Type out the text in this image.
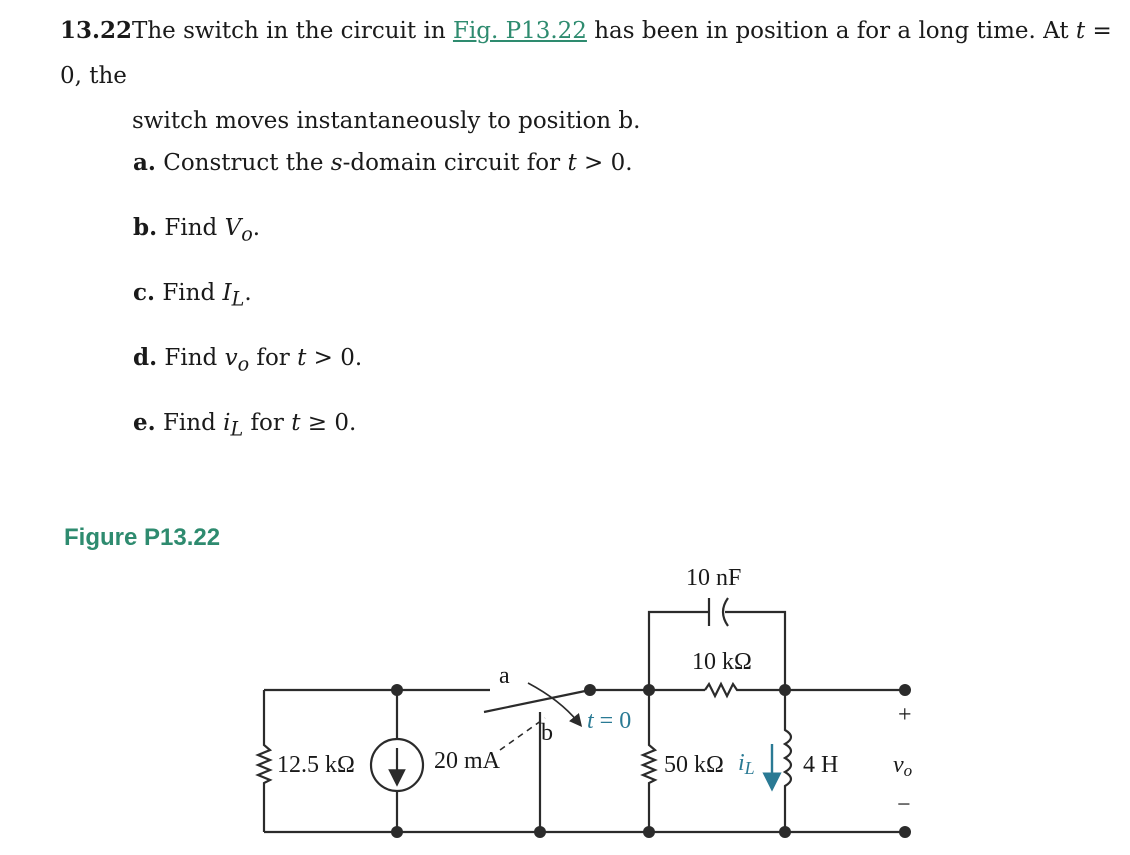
13.22The switch in the circuit in Fig. P13.22 has been in position a for a long time. At t = 0, the
switch moves instantaneously to position b.
a. Construct the s-domain circuit for t > 0.
b. Find $V_o$.
c. Find $I_L$.
d. Find $v_o$ for t > 0.
e. Find $i_L$ for t ≥ 0.
Figure P13.22
12.5 kΩ	20 mA
a
b t = 0
10 nF
10 kΩ
50 kΩ iL 4 H
+
vo
−
